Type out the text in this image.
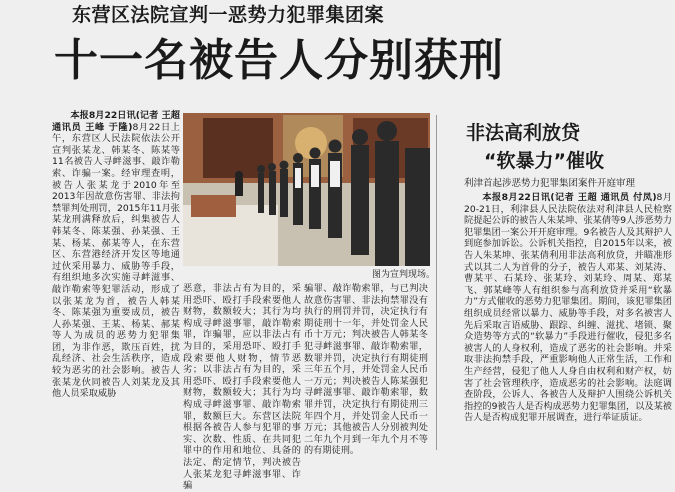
东营区法院宣判一恶势力犯罪集团案
十一名被告人分别获刑

本报8月22日讯(记者 王超 通讯员 王峰 于隆)8月22日上午，东营区人民法院依法公开宣判张某龙、韩某冬、陈某等11名被告人寻衅滋事、敲诈勒索、诈骗一案。经审理查明，被告人张某龙于2010年至2013年因故意伤害罪、非法拘禁罪判处刑罚，2015年11月张某龙刑满释放后，纠集被告人韩某冬、陈某强、孙某强、王某、杨某、郝某等人，在东营区、东营港经济开发区等地通过伙采用暴力、威胁等手段，有组织地多次实施寻衅滋事、敲诈勒索等犯罪活动，形成了以张某龙为首，被告人韩某冬、陈某强为重要成员，被告人孙某强、王某、杨某、郝某等人为成员的恶势力犯罪集团，为非作恶，欺压百姓，扰乱经济、社会生活秩序，造成较为恶劣的社会影响。被告人张某龙伙同被告人刘某龙及其他人员采取威胁

图为宣判现场。

恶意，非法占有为目的，采用恐吓、殴打手段索要他人财物，数额较大；其行为均构成寻衅滋事罪，敲诈勒索罪，诈骗罪，应以非法占有为目的，采用恐吓、殴打手段索要他人财物，情节恶劣；以非法占有为目的，采用恐吓、殴打手段索要他人财物，数额较大；其行为均构成寻衅滋事罪、敲诈勒索罪，数额巨大。东营区法院根据各被告人参与犯罪的事实、次数、性质、在共同犯罪中的作用和地位、具备的法定、酌定情节，判决被告人张某龙犯寻衅滋事罪、诈骗

骗罪、敲诈勒索罪，与已判决故意伤害罪、非法拘禁罪没有执行的刑罚并罚，决定执行有期徒刑十一年，并处罚金人民币十万元；判决被告人韩某冬犯寻衅滋事罪、敲诈勒索罪，数罪并罚，决定执行有期徒刑三年五个月，并处罚金人民币一万元；判决被告人陈某强犯寻衅滋事罪、敲诈勒索罪，数罪并罚，决定执行有期徒刑三年四个月，并处罚金人民币一万元；其他被告人分别被判处二年九个月到一年九个月不等的有期徒刑。

非法高利放贷
“软暴力”催收
利津首起涉恶势力犯罪集团案件开庭审理

本报8月22日讯(记者 王超 通讯员 付凤)8月20-21日，利津县人民法院依法对利津县人民检察院提起公诉的被告人朱某坤、张某倩等9人涉恶势力犯罪集团一案公开开庭审理。9名被告人及其辩护人到庭参加诉讼。公诉机关指控，自2015年以来，被告人朱某坤、张某倩利用非法高利放贷，并瞄准形式以其二人为首骨的分子，被告人邓某、刘某涛、曹某平、石某玲、张某玲、刘某玲、周某、郑某飞、郭某峰等人有组织参与高利放贷并采用“软暴力”方式催收的恶势力犯罪集团。期间，该犯罪集团组织成员经常以暴力、威胁等手段，对多名被害人先后采取言语威胁、跟踪、纠缠、滋扰、堵锁、聚众造势等方式的“软暴力”手段进行催收，侵犯多名被害人的人身权利，造成了恶劣的社会影响。并采取非法拘禁手段，严重影响他人正常生活，工作和生产经营，侵犯了他人人身自由权利和财产权，妨害了社会管理秩序，造成恶劣的社会影响。法庭调查阶段，公诉人、各被告人及辩护人围绕公诉机关指控的9被告人是否构成恶势力犯罪集团，以及某被告人是否构成犯罪开展调查，进行举证质证。
